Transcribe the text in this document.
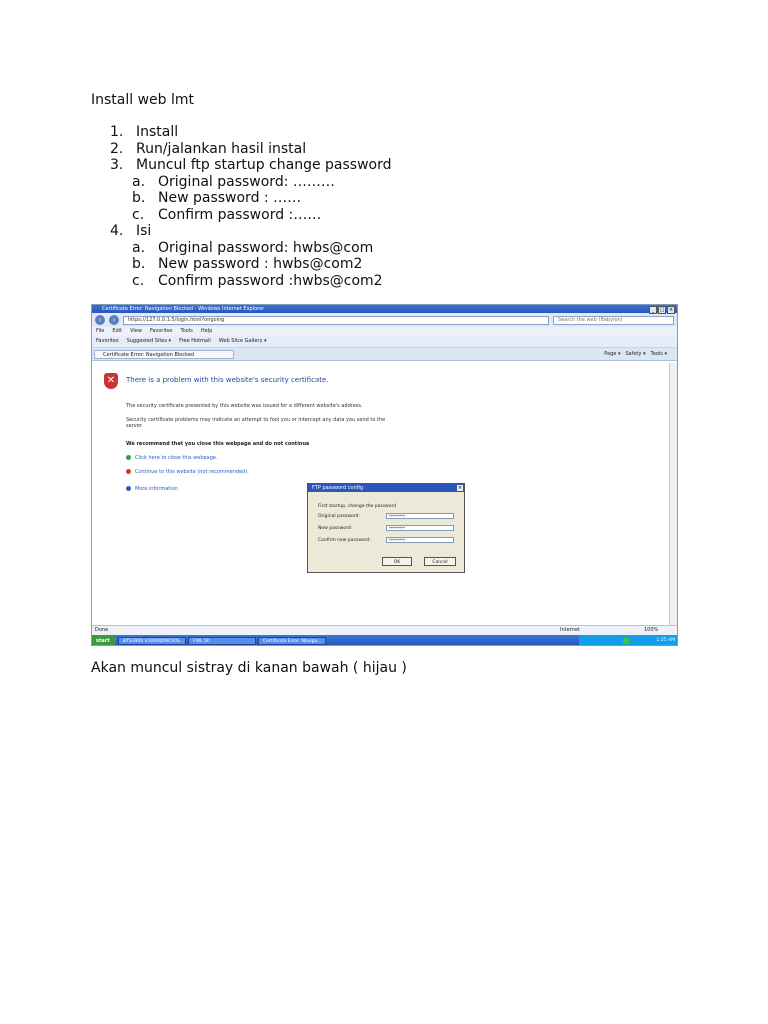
Install web lmt
1. Install
2. Run/jalankan hasil instal
3. Muncul ftp startup change password
a. Original password: ………
b. New password : ……
c. Confirm password :……
4. Isi
a. Original password: hwbs@com
b. New password : hwbs@com2
c. Confirm password :hwbs@com2
Certificate Error: Navigation Blocked - Windows Internet Explorer	_	□ ×
‹	›	https://127.0.0.1:5/login.html?ongoing	Search the web (Babylon)
File Edit View Favorites Tools Help
Favorites Suggested Sites ▾ Free Hotmail Web Slice Gallery ▾
Certificate Error: Navigation Blocked	Page ▾ Safety ▾ Tools ▾
✕	There is a problem with this website's security certificate.
The security certificate presented by this website was issued for a different website's address.
Security certificate problems may indicate an attempt to fool you or intercept any data you send to the server.
We recommend that you close this webpage and do not continue
Click here to close this webpage.
Continue to this website (not recommended).
More information	FTP password config	×
First startup, change the password
Original password:	********
New password:	********
Confirm new password:	********
OK	Cancel
Done	Internet	100%
start	BTS3900 V100R009C00S...	FWL.5h	Certificate Error: Naviga...	1:25 AM
Akan muncul sistray di kanan bawah ( hijau )
